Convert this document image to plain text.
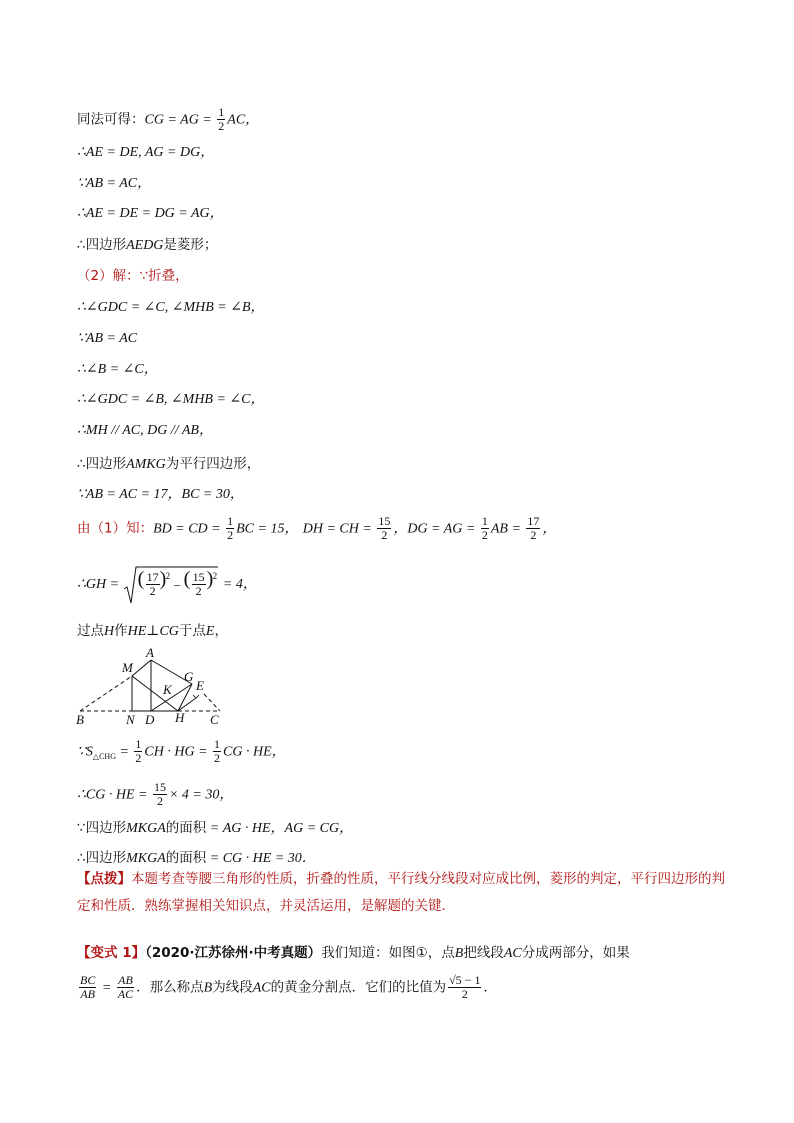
同法可得：CG = AG = $\frac{1}{2}$ AC，
∴AE = DE, AG = DG，
∵AB = AC，
∴AE = DE = DG = AG，
∴四边形AEDG是菱形；
（2）解：∵折叠，
∴∠GDC = ∠C, ∠MHB = ∠B，
∵AB = AC
∴∠B = ∠C，
∴∠GDC = ∠B, ∠MHB = ∠C，
∴MH // AC, DG // AB，
∴四边形AMKG为平行四边形，
∵AB = AC = 17，BC = 30，
由（1）知：BD = CD = $\frac{1}{2}$ BC = 15， DH = CH = $\frac{15}{2}$ ，DG = AG = $\frac{1}{2}$ AB = $\frac{17}{2}$ ，
∴GH = ( $\frac{17}{2}$ ) 2
− ( $\frac{15}{2}$ ) 2
= 4，
过点H作HE⊥CG于点E，
M
A
G
E
K
B	N D H C
$\because S_{\triangle CHG} = \frac{1}{2}$ CH · HG = $\frac{1}{2}$ CG · HE，
∴CG · HE = $\frac{15}{2} \times 4 = 30$，
∵四边形MKGA的面积 = AG · HE，AG = CG，
∴四边形MKGA的面积 = CG · HE = 30．
【点拨】本题考查等腰三角形的性质，折叠的性质，平行线分线段对应成比例，菱形的判定，平行四边形的判定和性质．熟练掌握相关知识点，并灵活运用，是解题的关键．
【变式 1】（2020·江苏徐州·中考真题）我们知道：如图①，点B把线段AC分成两部分，如果
$\frac{BC}{AB} = \frac{AB}{AC}$ ．那么称点B为线段AC的黄金分割点．它们的比值为 $\frac{√5 - 1}{2}$ ．
